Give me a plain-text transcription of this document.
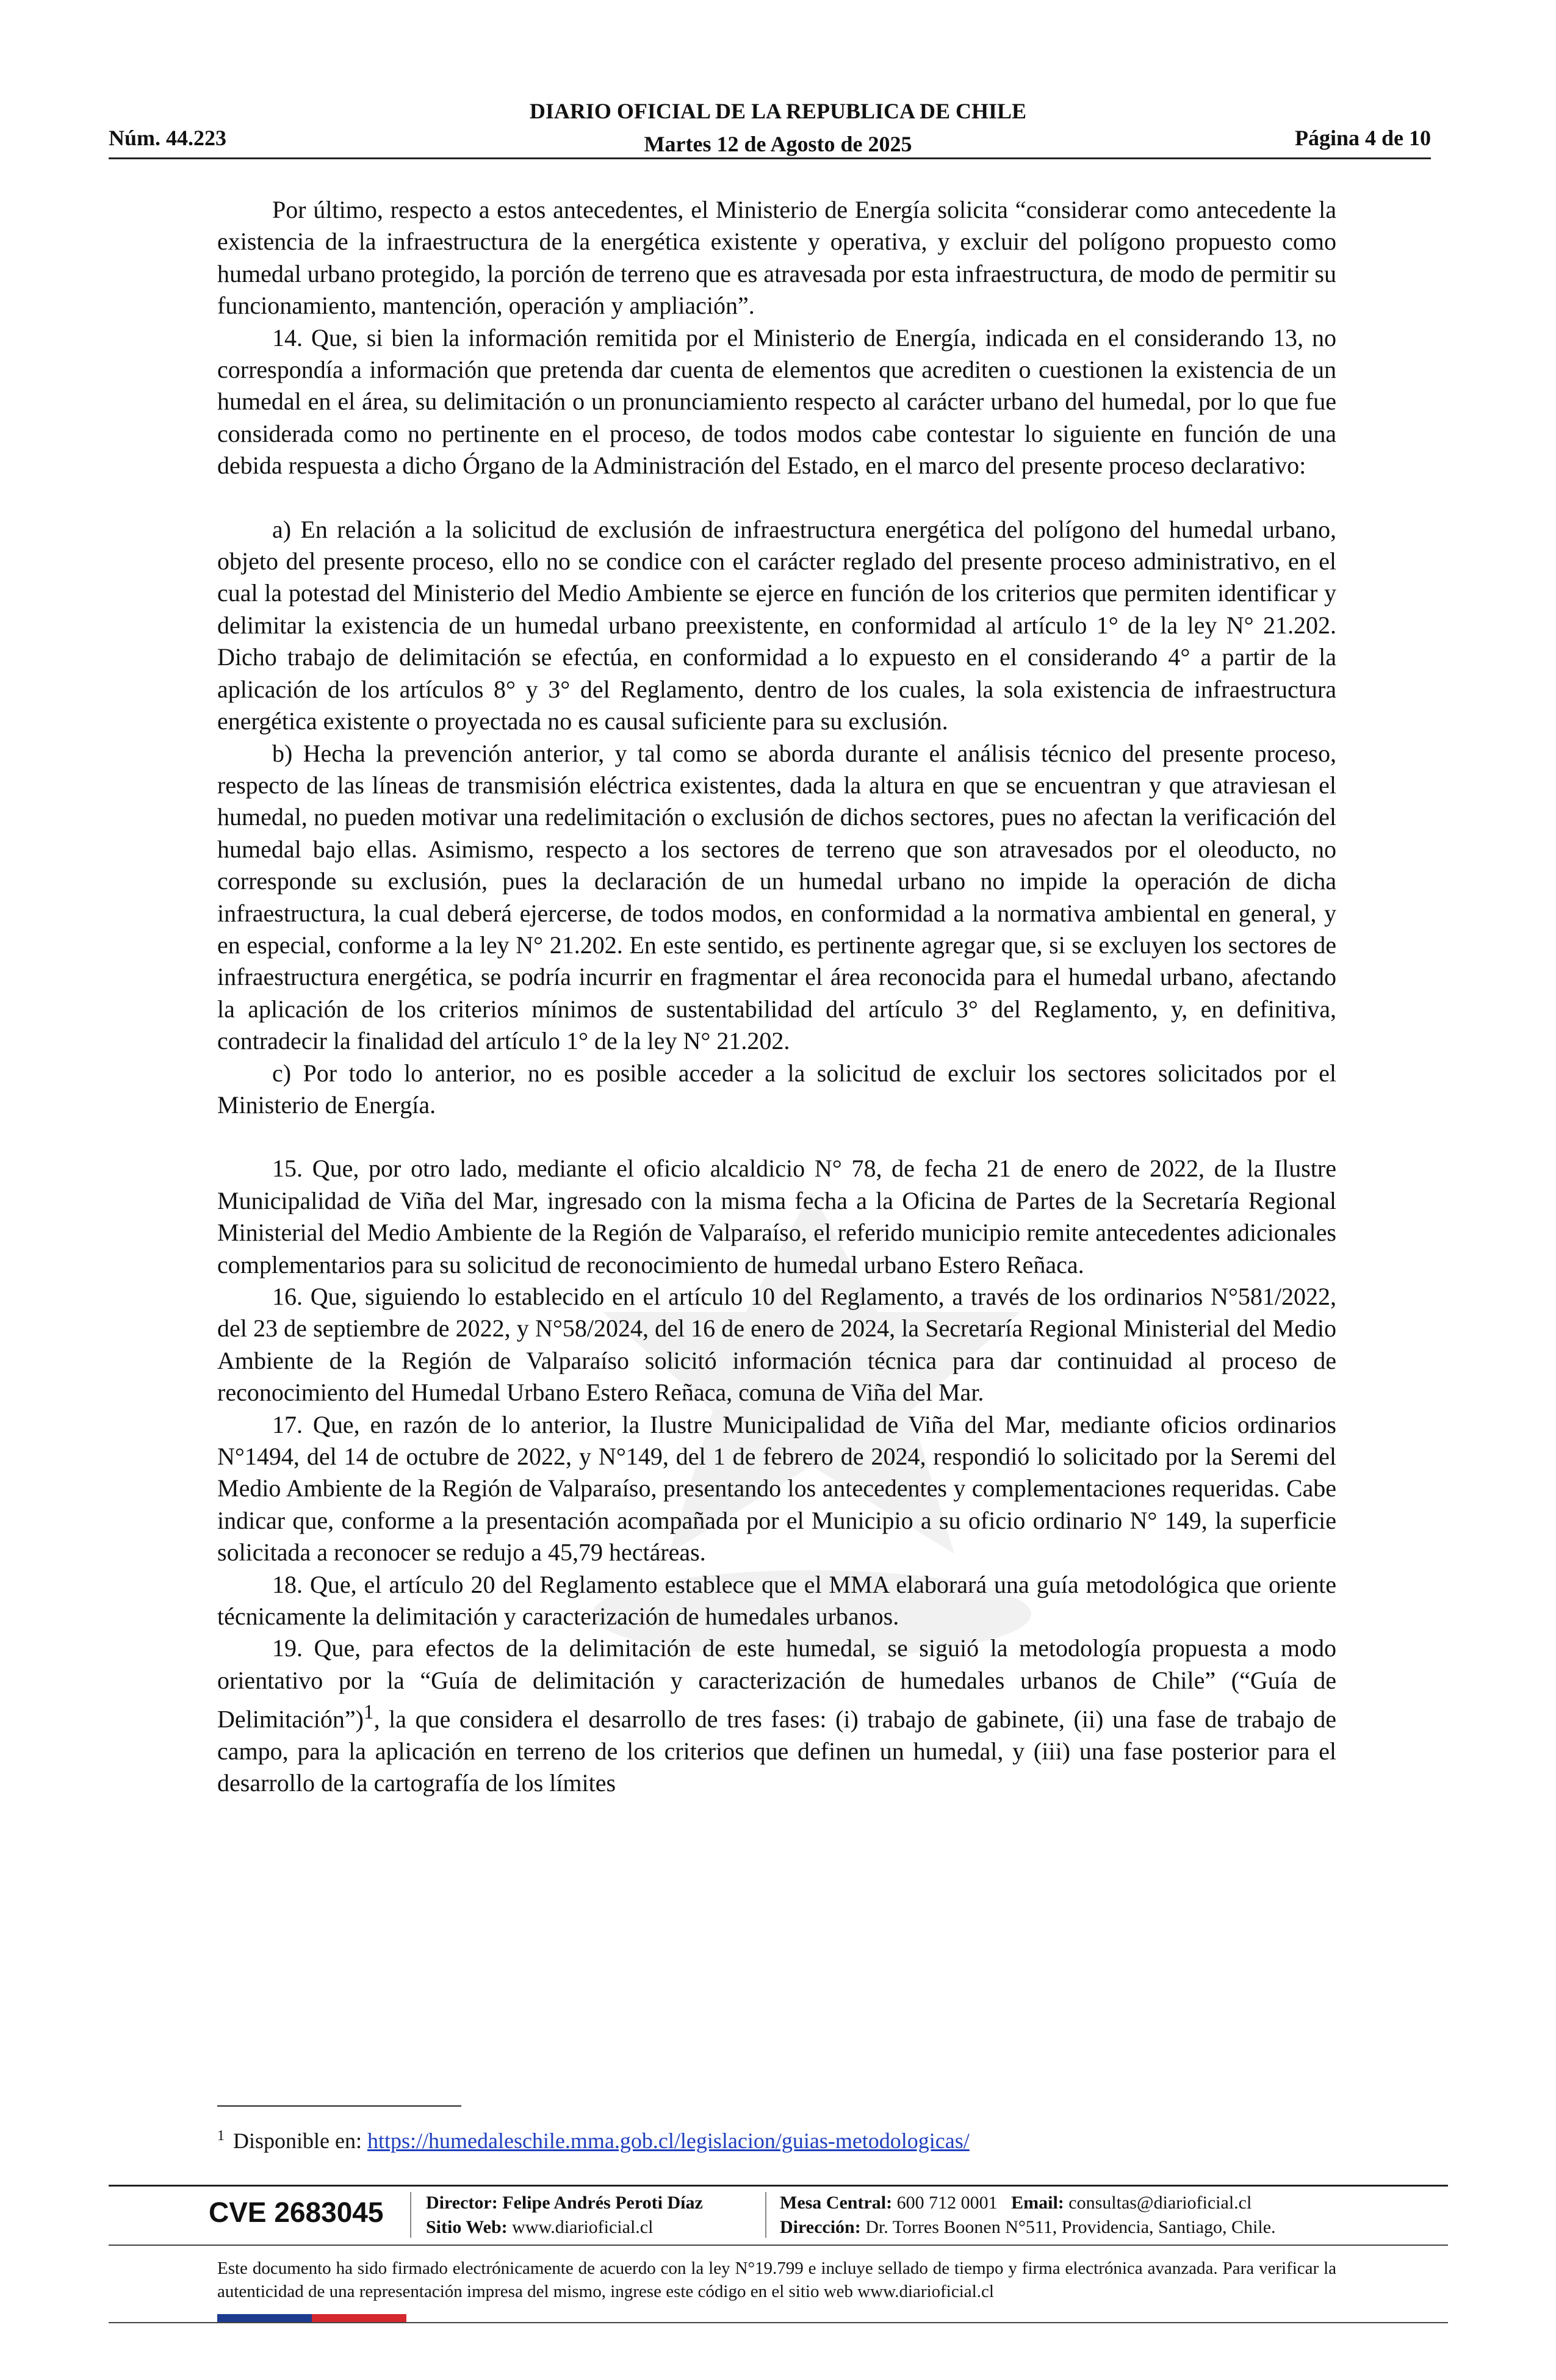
DIARIO OFICIAL DE LA REPUBLICA DE CHILE
Martes 12 de Agosto de 2025
Núm. 44.223	Página 4 de 10

Por último, respecto a estos antecedentes, el Ministerio de Energía solicita “considerar como antecedente la existencia de la infraestructura de la energética existente y operativa, y excluir del polígono propuesto como humedal urbano protegido, la porción de terreno que es atravesada por esta infraestructura, de modo de permitir su funcionamiento, mantención, operación y ampliación”.

14. Que, si bien la información remitida por el Ministerio de Energía, indicada en el considerando 13, no correspondía a información que pretenda dar cuenta de elementos que acrediten o cuestionen la existencia de un humedal en el área, su delimitación o un pronunciamiento respecto al carácter urbano del humedal, por lo que fue considerada como no pertinente en el proceso, de todos modos cabe contestar lo siguiente en función de una debida respuesta a dicho Órgano de la Administración del Estado, en el marco del presente proceso declarativo:

a) En relación a la solicitud de exclusión de infraestructura energética del polígono del humedal urbano, objeto del presente proceso, ello no se condice con el carácter reglado del presente proceso administrativo, en el cual la potestad del Ministerio del Medio Ambiente se ejerce en función de los criterios que permiten identificar y delimitar la existencia de un humedal urbano preexistente, en conformidad al artículo 1° de la ley N° 21.202. Dicho trabajo de delimitación se efectúa, en conformidad a lo expuesto en el considerando 4° a partir de la aplicación de los artículos 8° y 3° del Reglamento, dentro de los cuales, la sola existencia de infraestructura energética existente o proyectada no es causal suficiente para su exclusión.

b) Hecha la prevención anterior, y tal como se aborda durante el análisis técnico del presente proceso, respecto de las líneas de transmisión eléctrica existentes, dada la altura en que se encuentran y que atraviesan el humedal, no pueden motivar una redelimitación o exclusión de dichos sectores, pues no afectan la verificación del humedal bajo ellas. Asimismo, respecto a los sectores de terreno que son atravesados por el oleoducto, no corresponde su exclusión, pues la declaración de un humedal urbano no impide la operación de dicha infraestructura, la cual deberá ejercerse, de todos modos, en conformidad a la normativa ambiental en general, y en especial, conforme a la ley N° 21.202. En este sentido, es pertinente agregar que, si se excluyen los sectores de infraestructura energética, se podría incurrir en fragmentar el área reconocida para el humedal urbano, afectando la aplicación de los criterios mínimos de sustentabilidad del artículo 3° del Reglamento, y, en definitiva, contradecir la finalidad del artículo 1° de la ley N° 21.202.

c) Por todo lo anterior, no es posible acceder a la solicitud de excluir los sectores solicitados por el Ministerio de Energía.

15. Que, por otro lado, mediante el oficio alcaldicio N° 78, de fecha 21 de enero de 2022, de la Ilustre Municipalidad de Viña del Mar, ingresado con la misma fecha a la Oficina de Partes de la Secretaría Regional Ministerial del Medio Ambiente de la Región de Valparaíso, el referido municipio remite antecedentes adicionales complementarios para su solicitud de reconocimiento de humedal urbano Estero Reñaca.

16. Que, siguiendo lo establecido en el artículo 10 del Reglamento, a través de los ordinarios N°581/2022, del 23 de septiembre de 2022, y N°58/2024, del 16 de enero de 2024, la Secretaría Regional Ministerial del Medio Ambiente de la Región de Valparaíso solicitó información técnica para dar continuidad al proceso de reconocimiento del Humedal Urbano Estero Reñaca, comuna de Viña del Mar.

17. Que, en razón de lo anterior, la Ilustre Municipalidad de Viña del Mar, mediante oficios ordinarios N°1494, del 14 de octubre de 2022, y N°149, del 1 de febrero de 2024, respondió lo solicitado por la Seremi del Medio Ambiente de la Región de Valparaíso, presentando los antecedentes y complementaciones requeridas. Cabe indicar que, conforme a la presentación acompañada por el Municipio a su oficio ordinario N° 149, la superficie solicitada a reconocer se redujo a 45,79 hectáreas.

18. Que, el artículo 20 del Reglamento establece que el MMA elaborará una guía metodológica que oriente técnicamente la delimitación y caracterización de humedales urbanos.

19. Que, para efectos de la delimitación de este humedal, se siguió la metodología propuesta a modo orientativo por la “Guía de delimitación y caracterización de humedales urbanos de Chile” (“Guía de Delimitación”)$^1$, la que considera el desarrollo de tres fases: (i) trabajo de gabinete, (ii) una fase de trabajo de campo, para la aplicación en terreno de los criterios que definen un humedal, y (iii) una fase posterior para el desarrollo de la cartografía de los límites

$^1$ Disponible en: https://humedaleschile.mma.gob.cl/legislacion/guias-metodologicas/
CVE 2683045 Director: Felipe Andrés Peroti Díaz
Sitio Web: www.diarioficial.cl
Mesa Central: 600 712 0001 Email: consultas@diarioficial.cl
Dirección: Dr. Torres Boonen N°511, Providencia, Santiago, Chile.
Este documento ha sido firmado electrónicamente de acuerdo con la ley N°19.799 e incluye sellado de tiempo y firma electrónica avanzada. Para verificar la autenticidad de una representación impresa del mismo, ingrese este código en el sitio web www.diarioficial.cl
